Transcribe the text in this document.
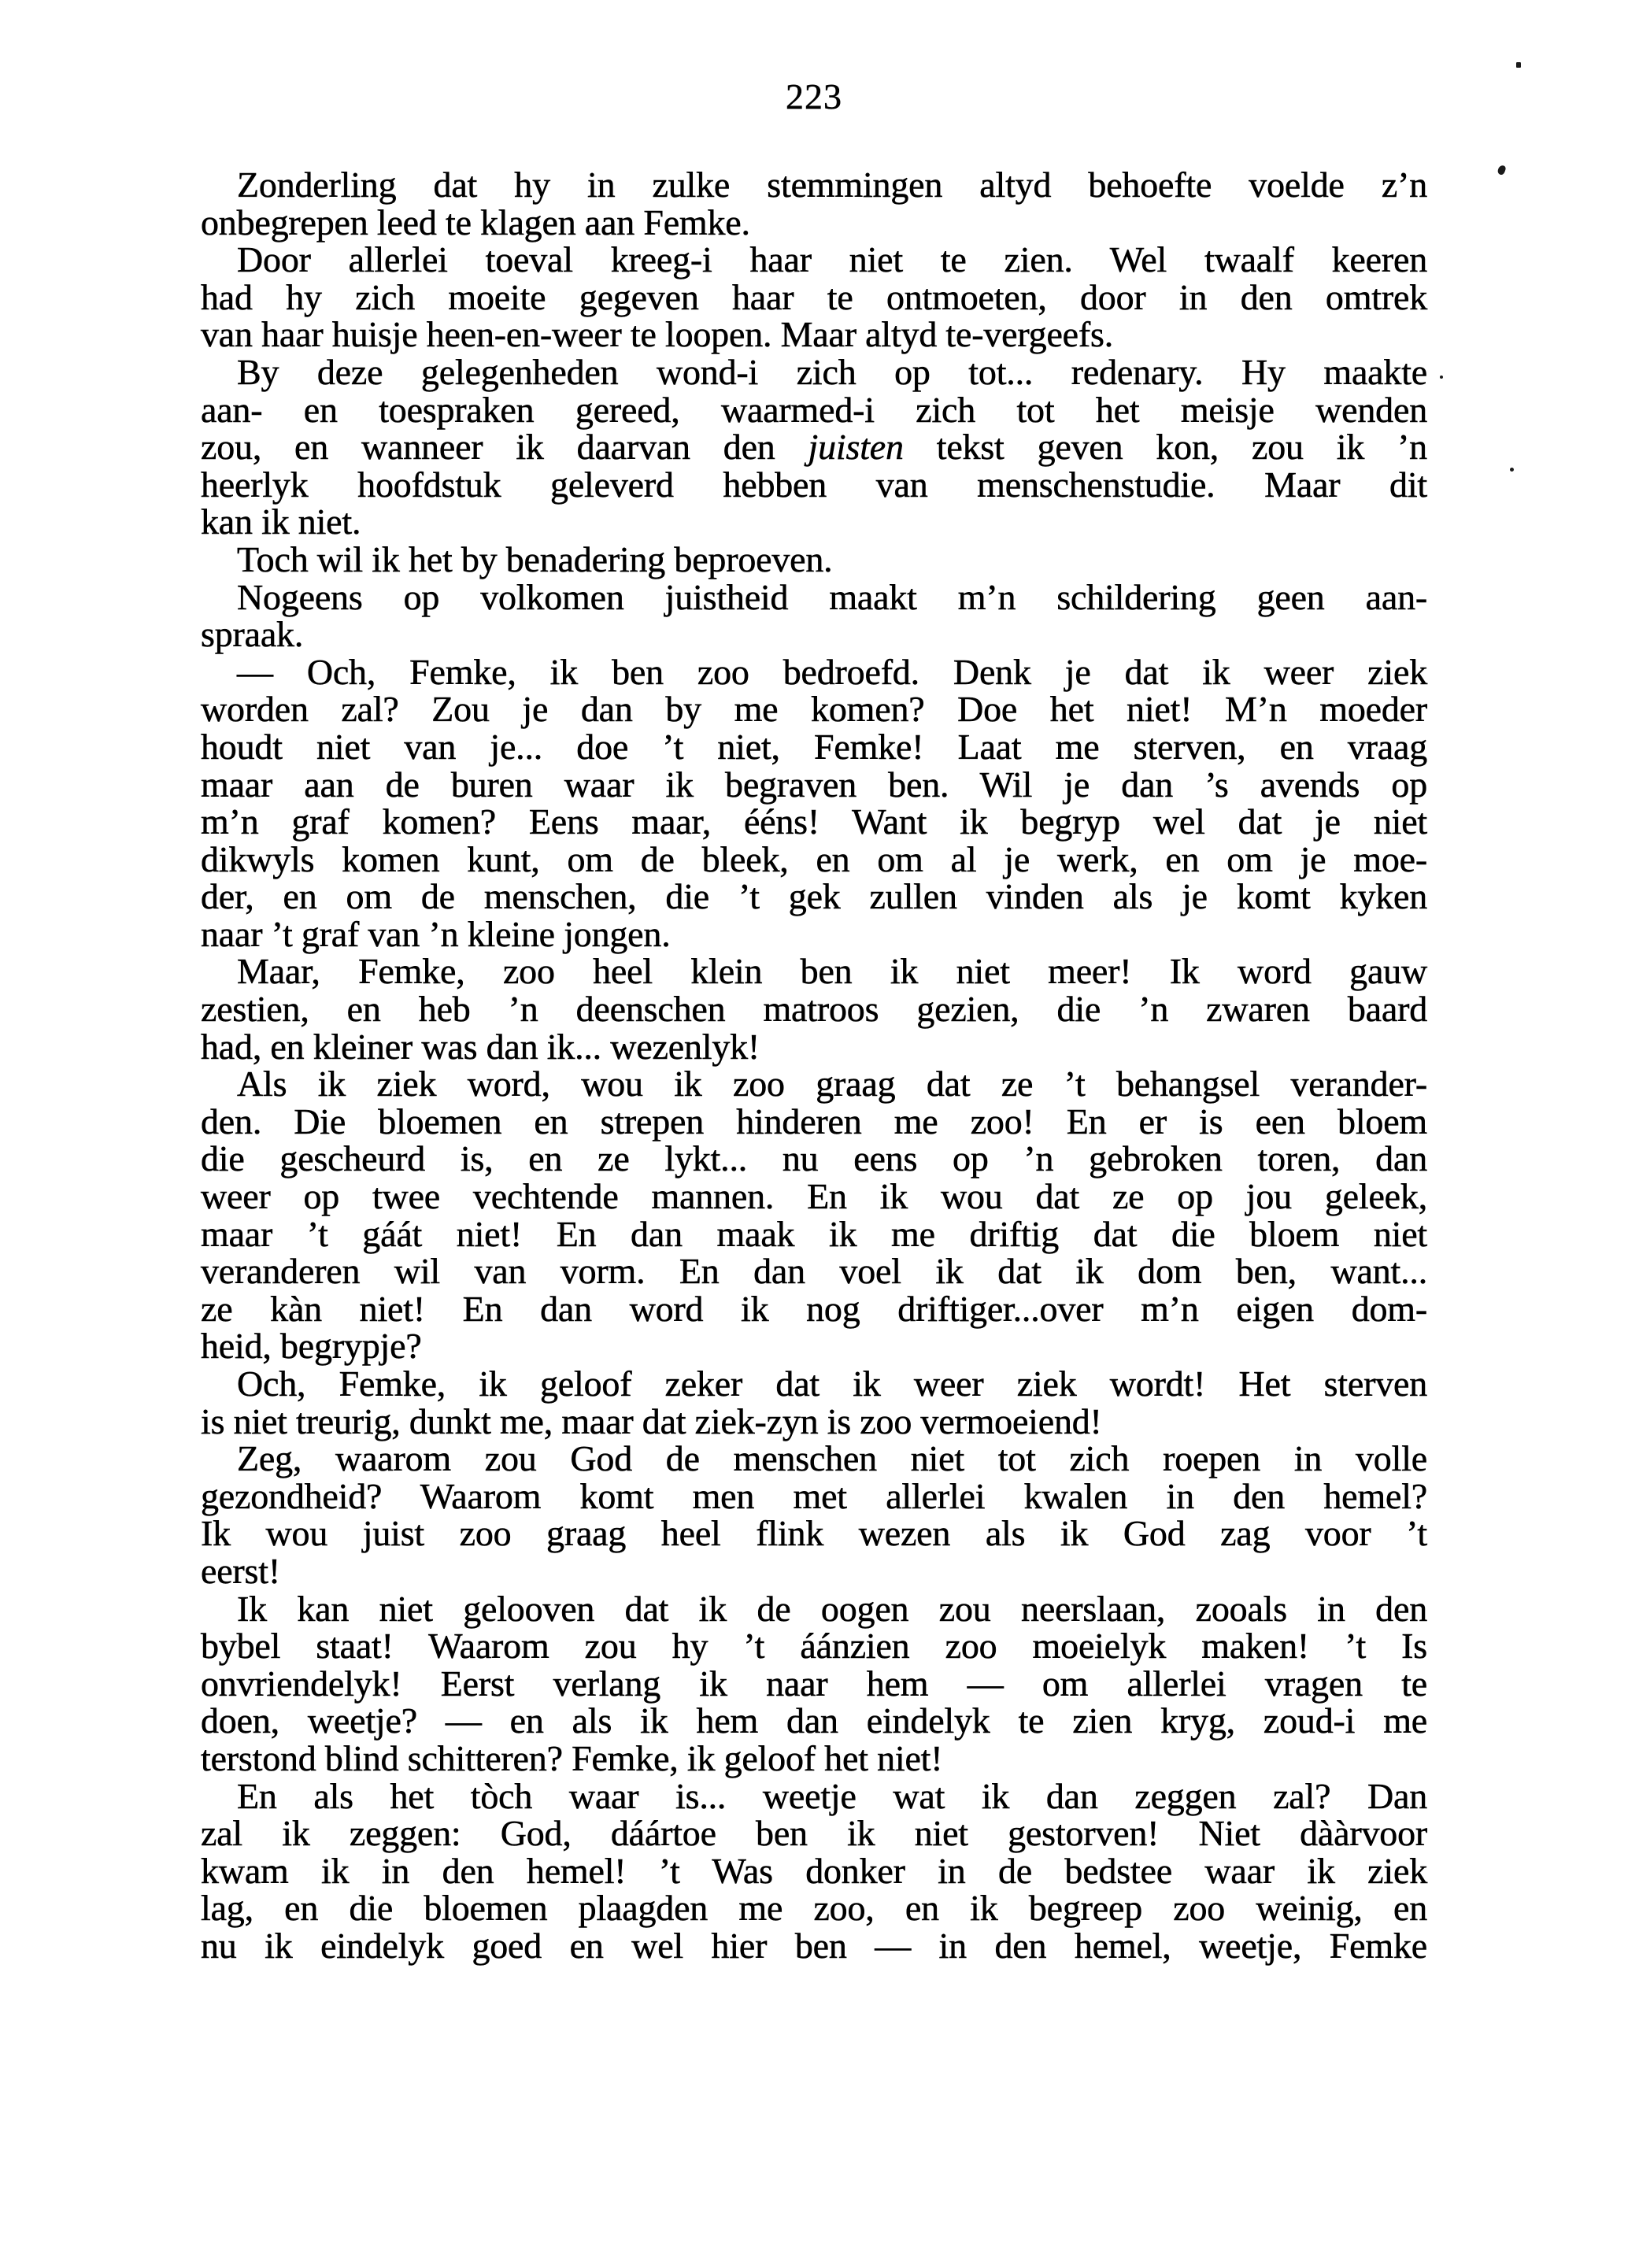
223
Zonderling dat hy in zulke stemmingen altyd behoefte voelde z’n
onbegrepen leed te klagen aan Femke.
Door allerlei toeval kreeg-i haar niet te zien. Wel twaalf keeren
had hy zich moeite gegeven haar te ontmoeten, door in den omtrek
van haar huisje heen-en-weer te loopen. Maar altyd te-vergeefs.
By deze gelegenheden wond-i zich op tot... redenary. Hy maakte
aan- en toespraken gereed, waarmed-i zich tot het meisje wenden
zou, en wanneer ik daarvan den juisten tekst geven kon, zou ik ’n
heerlyk hoofdstuk geleverd hebben van menschenstudie. Maar dit
kan ik niet.
Toch wil ik het by benadering beproeven.
Nogeens op volkomen juistheid maakt m’n schildering geen aan-
spraak.
— Och, Femke, ik ben zoo bedroefd. Denk je dat ik weer ziek
worden zal? Zou je dan by me komen? Doe het niet! M’n moeder
houdt niet van je... doe ’t niet, Femke! Laat me sterven, en vraag
maar aan de buren waar ik begraven ben. Wil je dan ’s avends op
m’n graf komen? Eens maar, ééns! Want ik begryp wel dat je niet
dikwyls komen kunt, om de bleek, en om al je werk, en om je moe-
der, en om de menschen, die ’t gek zullen vinden als je komt kyken
naar ’t graf van ’n kleine jongen.
Maar, Femke, zoo heel klein ben ik niet meer! Ik word gauw
zestien, en heb ’n deenschen matroos gezien, die ’n zwaren baard
had, en kleiner was dan ik... wezenlyk!
Als ik ziek word, wou ik zoo graag dat ze ’t behangsel verander-
den. Die bloemen en strepen hinderen me zoo! En er is een bloem
die gescheurd is, en ze lykt... nu eens op ’n gebroken toren, dan
weer op twee vechtende mannen. En ik wou dat ze op jou geleek,
maar ’t gáát niet! En dan maak ik me driftig dat die bloem niet
veranderen wil van vorm. En dan voel ik dat ik dom ben, want...
ze kàn niet! En dan word ik nog driftiger...over m’n eigen dom-
heid, begrypje?
Och, Femke, ik geloof zeker dat ik weer ziek wordt! Het sterven
is niet treurig, dunkt me, maar dat ziek-zyn is zoo vermoeiend!
Zeg, waarom zou God de menschen niet tot zich roepen in volle
gezondheid? Waarom komt men met allerlei kwalen in den hemel?
Ik wou juist zoo graag heel flink wezen als ik God zag voor ’t
eerst!
Ik kan niet gelooven dat ik de oogen zou neerslaan, zooals in den
bybel staat! Waarom zou hy ’t áánzien zoo moeielyk maken! ’t Is
onvriendelyk! Eerst verlang ik naar hem — om allerlei vragen te
doen, weetje? — en als ik hem dan eindelyk te zien kryg, zoud-i me
terstond blind schitteren? Femke, ik geloof het niet!
En als het tòch waar is... weetje wat ik dan zeggen zal? Dan
zal ik zeggen: God, dáártoe ben ik niet gestorven! Niet dààrvoor
kwam ik in den hemel! ’t Was donker in de bedstee waar ik ziek
lag, en die bloemen plaagden me zoo, en ik begreep zoo weinig, en
nu ik eindelyk goed en wel hier ben — in den hemel, weetje, Femke
